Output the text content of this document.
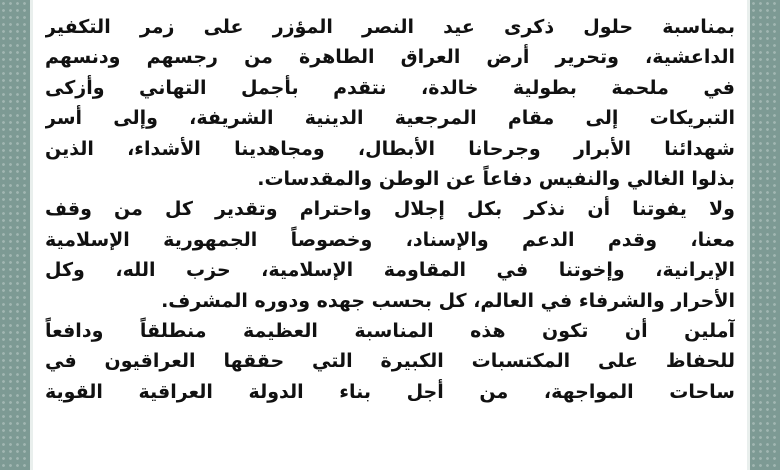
بمناسبة حلول ذكرى عيد النصر المؤزر على زمر التكفير
الداعشية، وتحرير أرض العراق الطاهرة من رجسهم ودنسهم
في ملحمة بطولية خالدة، نتقدم بأجمل التهاني وأزكى
التبريكات إلى مقام المرجعية الدينية الشريفة، وإلى أسر
شهدائنا الأبرار وجرحانا الأبطال، ومجاهدينا الأشداء، الذين
بذلوا الغالي والنفيس دفاعاً عن الوطن والمقدسات.
ولا يفوتنا أن نذكر بكل إجلال واحترام وتقدير كل من وقف
معنا، وقدم الدعم والإسناد، وخصوصاً الجمهورية الإسلامية
الإيرانية، وإخوتنا في المقاومة الإسلامية، حزب الله، وكل
الأحرار والشرفاء في العالم، كل بحسب جهده ودوره المشرف.
آملين أن تكون هذه المناسبة العظيمة منطلقاً ودافعاً
للحفاظ على المكتسبات الكبيرة التي حققها العراقيون في
ساحات المواجهة، من أجل بناء الدولة العراقية القوية
